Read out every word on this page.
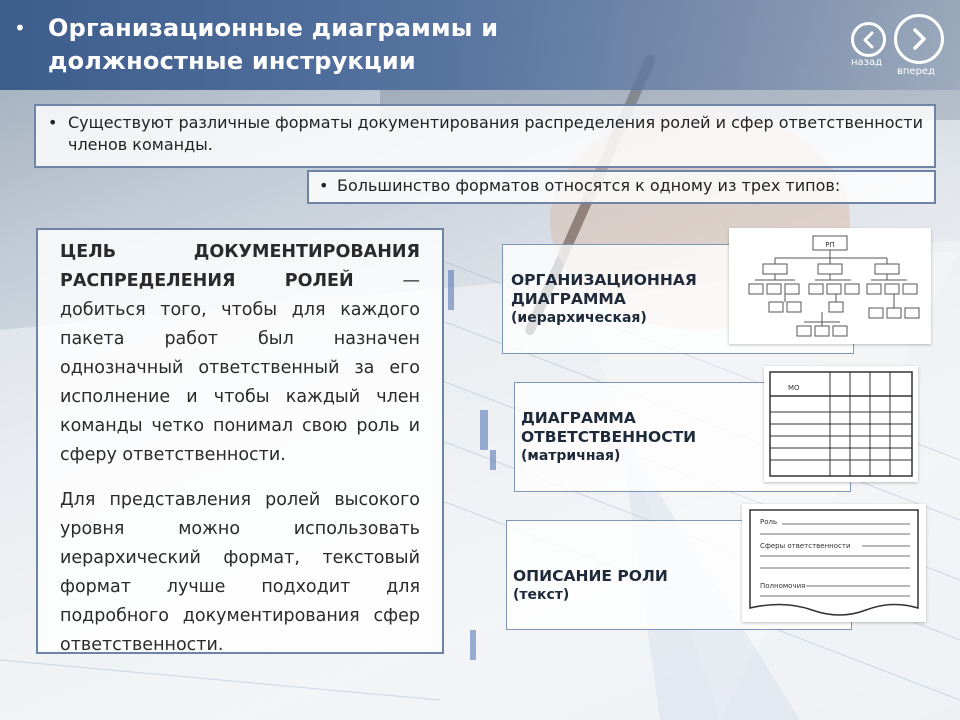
• Организационные диаграммы и
должностные инструкции	назад
вперед
• Существуют различные форматы документирования распределения ролей и сфер ответственности членов команды.
• Большинство форматов относятся к одному из трех типов:

ЦЕЛЬ ДОКУМЕНТИРОВАНИЯ РАСПРЕДЕЛЕНИЯ РОЛЕЙ — добиться того, чтобы для каждого пакета работ был назначен однозначный ответственный за его исполнение и чтобы каждый член команды четко понимал свою роль и сферу ответственности.

Для представления ролей высокого уровня можно использовать иерархический формат, текстовый формат лучше подходит для подробного документирования сфер ответственности.

ОРГАНИЗАЦИОННАЯ
ДИАГРАММА
(иерархическая)
ДИАГРАММА
ОТВЕТСТВЕННОСТИ
(матричная)
ОПИСАНИЕ РОЛИ
(текст)
РП
МО
Роль
Сферы ответственности
Полномочия
